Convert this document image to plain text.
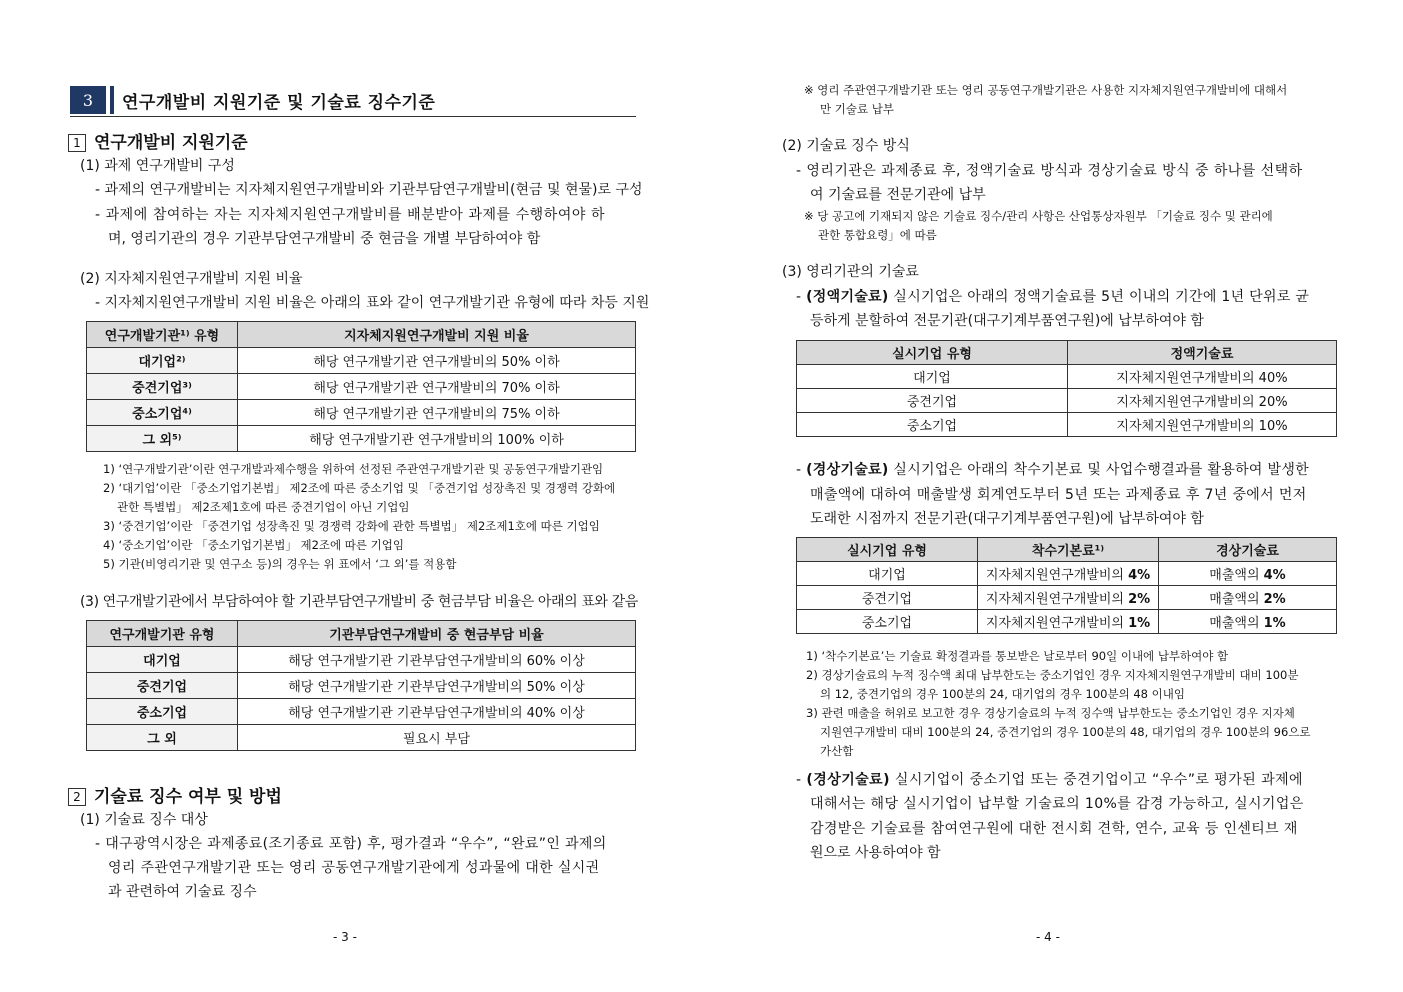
3	연구개발비 지원기준 및 기술료 징수기준
1 연구개발비 지원기준
(1) 과제 연구개발비 구성
- 과제의 연구개발비는 지자체지원연구개발비와 기관부담연구개발비(현금 및 현물)로 구성
- 과제에 참여하는 자는 지자체지원연구개발비를 배분받아 과제를 수행하여야 하
며, 영리기관의 경우 기관부담연구개발비 중 현금을 개별 부담하여야 함
(2) 지자체지원연구개발비 지원 비율
- 지자체지원연구개발비 지원 비율은 아래의 표와 같이 연구개발기관 유형에 따라 차등 지원
연구개발기관¹⁾ 유형	지자체지원연구개발비 지원 비율
대기업²⁾	해당 연구개발기관 연구개발비의 50% 이하
중견기업³⁾	해당 연구개발기관 연구개발비의 70% 이하
중소기업⁴⁾	해당 연구개발기관 연구개발비의 75% 이하
그 외⁵⁾	해당 연구개발기관 연구개발비의 100% 이하
1) ‘연구개발기관’이란 연구개발과제수행을 위하여 선정된 주관연구개발기관 및 공동연구개발기관임
2) ‘대기업’이란 「중소기업기본법」 제2조에 따른 중소기업 및 「중견기업 성장촉진 및 경쟁력 강화에
관한 특별법」 제2조제1호에 따른 중견기업이 아닌 기업임
3) ‘중견기업’이란 「중견기업 성장촉진 및 경쟁력 강화에 관한 특별법」 제2조제1호에 따른 기업임
4) ‘중소기업’이란 「중소기업기본법」 제2조에 따른 기업임
5) 기관(비영리기관 및 연구소 등)의 경우는 위 표에서 ‘그 외’를 적용함
(3) 연구개발기관에서 부담하여야 할 기관부담연구개발비 중 현금부담 비율은 아래의 표와 같음
연구개발기관 유형	기관부담연구개발비 중 현금부담 비율
대기업	해당 연구개발기관 기관부담연구개발비의 60% 이상
중견기업	해당 연구개발기관 기관부담연구개발비의 50% 이상
중소기업	해당 연구개발기관 기관부담연구개발비의 40% 이상
그 외	필요시 부담
2 기술료 징수 여부 및 방법
(1) 기술료 징수 대상
- 대구광역시장은 과제종료(조기종료 포함) 후, 평가결과 “우수”, “완료”인 과제의
영리 주관연구개발기관 또는 영리 공동연구개발기관에게 성과물에 대한 실시권
과 관련하여 기술료 징수
- 3 -
※ 영리 주관연구개발기관 또는 영리 공동연구개발기관은 사용한 지자체지원연구개발비에 대해서
만 기술료 납부
(2) 기술료 징수 방식
- 영리기관은 과제종료 후, 정액기술료 방식과 경상기술료 방식 중 하나를 선택하
여 기술료를 전문기관에 납부
※ 당 공고에 기재되지 않은 기술료 징수/관리 사항은 산업통상자원부 「기술료 징수 및 관리에
관한 통합요령」에 따름
(3) 영리기관의 기술료
- (정액기술료) 실시기업은 아래의 정액기술료를 5년 이내의 기간에 1년 단위로 균
등하게 분할하여 전문기관(대구기계부품연구원)에 납부하여야 함
실시기업 유형	정액기술료
대기업	지자체지원연구개발비의 40%
중견기업	지자체지원연구개발비의 20%
중소기업	지자체지원연구개발비의 10%
- (경상기술료) 실시기업은 아래의 착수기본료 및 사업수행결과를 활용하여 발생한
매출액에 대하여 매출발생 회계연도부터 5년 또는 과제종료 후 7년 중에서 먼저
도래한 시점까지 전문기관(대구기계부품연구원)에 납부하여야 함
실시기업 유형	착수기본료¹⁾	경상기술료
대기업	지자체지원연구개발비의 4%	매출액의 4%
중견기업	지자체지원연구개발비의 2%	매출액의 2%
중소기업	지자체지원연구개발비의 1%	매출액의 1%
1) ‘착수기본료’는 기술료 확정결과를 통보받은 날로부터 90일 이내에 납부하여야 함
2) 경상기술료의 누적 징수액 최대 납부한도는 중소기업인 경우 지자체지원연구개발비 대비 100분
의 12, 중견기업의 경우 100분의 24, 대기업의 경우 100분의 48 이내임
3) 관련 매출을 허위로 보고한 경우 경상기술료의 누적 징수액 납부한도는 중소기업인 경우 지자체
지원연구개발비 대비 100분의 24, 중견기업의 경우 100분의 48, 대기업의 경우 100분의 96으로
가산함
- (경상기술료) 실시기업이 중소기업 또는 중견기업이고 “우수”로 평가된 과제에
대해서는 해당 실시기업이 납부할 기술료의 10%를 감경 가능하고, 실시기업은
감경받은 기술료를 참여연구원에 대한 전시회 견학, 연수, 교육 등 인센티브 재
원으로 사용하여야 함
- 4 -
